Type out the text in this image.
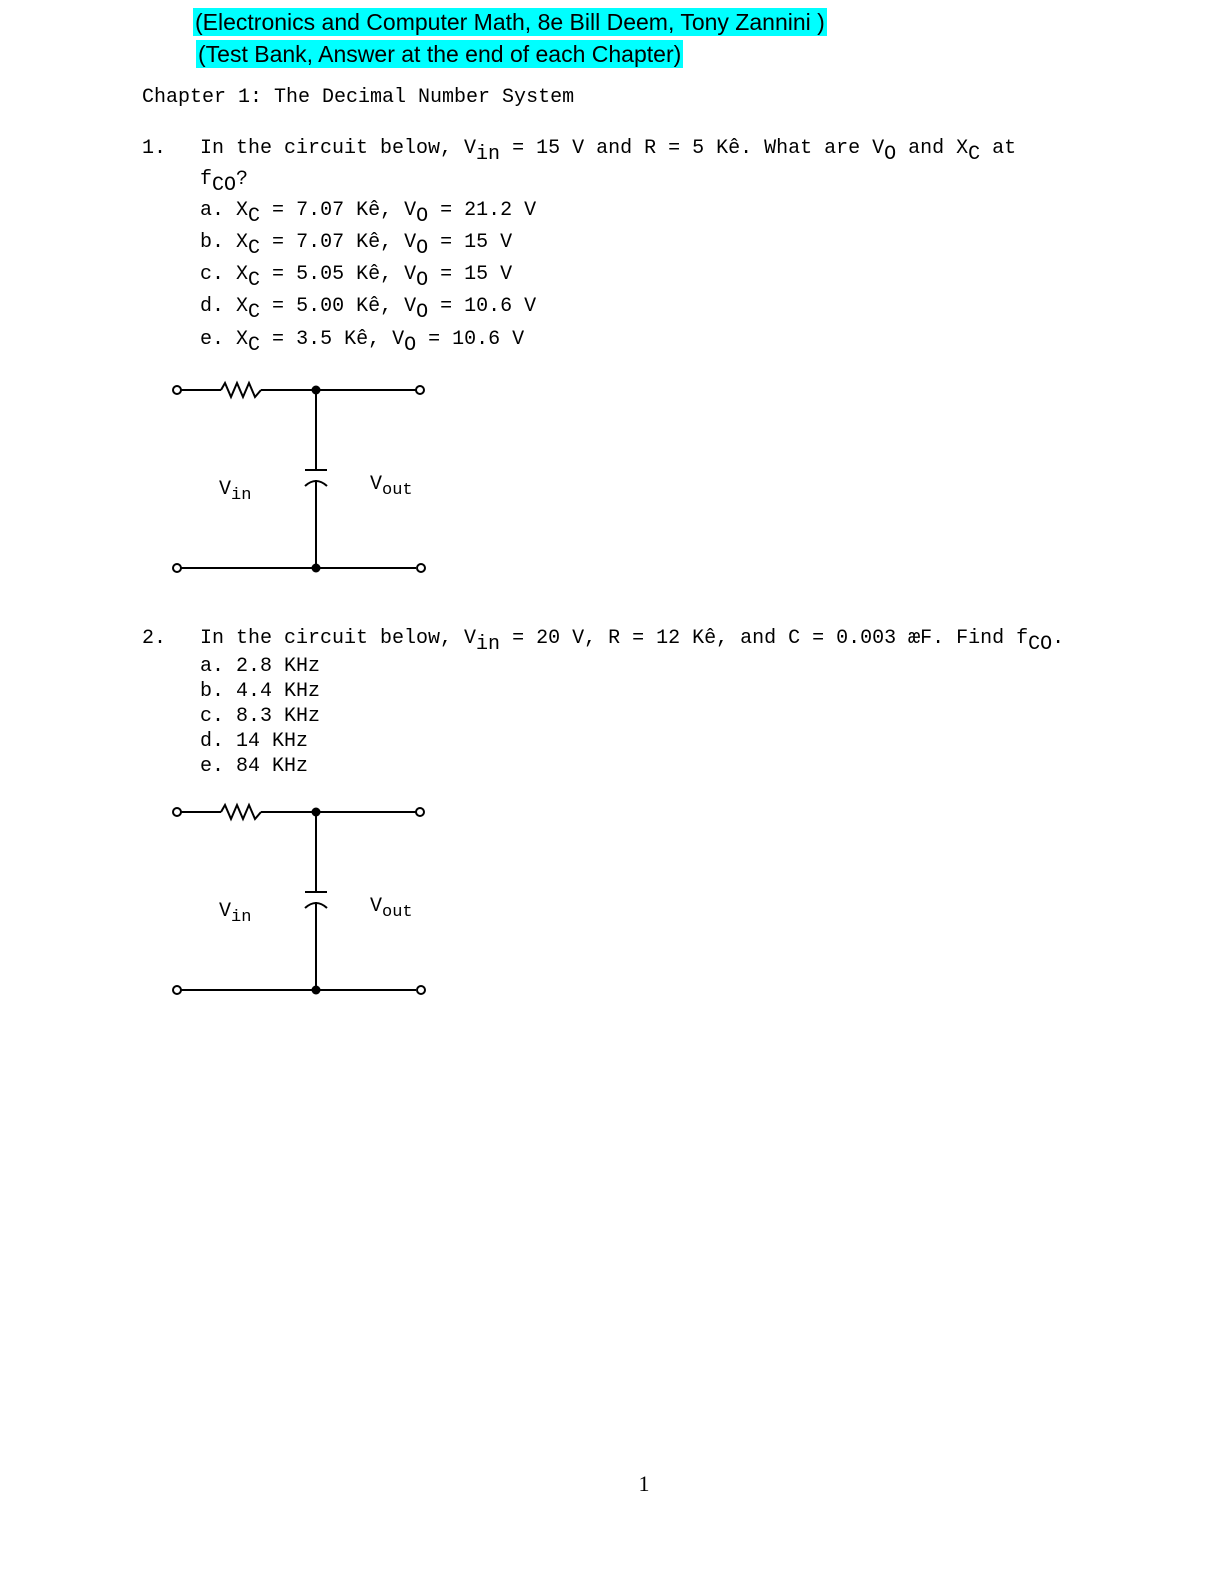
(Electronics and Computer Math, 8e Bill Deem, Tony Zannini )
(Test Bank, Answer at the end of each Chapter)
Chapter 1: The Decimal Number System
1. In the circuit below, $V_{in} = 15$ V and R = 5 Kê. What are $V_O$ and $X_C$ at
$f_{CO}$?
a. $X_C = 7.07$ Kê, $V_O = 21.2$ V
b. $X_C = 7.07$ Kê, $V_O = 15$ V
c. $X_C = 5.05$ Kê, $V_O = 15$ V
d. $X_C = 5.00$ Kê, $V_O = 10.6$ V
e. $X_C = 3.5$ Kê, $V_O = 10.6$ V
$V_{in}$	$V_{out}$
2. In the circuit below, $V_{in} = 20$ V, R = 12 Kê, and C = 0.003 æF. Find $f_{CO}$.
a. 2.8 KHz
b. 4.4 KHz
c. 8.3 KHz
d. 14 KHz
e. 84 KHz
$V_{in}$	$V_{out}$
1
